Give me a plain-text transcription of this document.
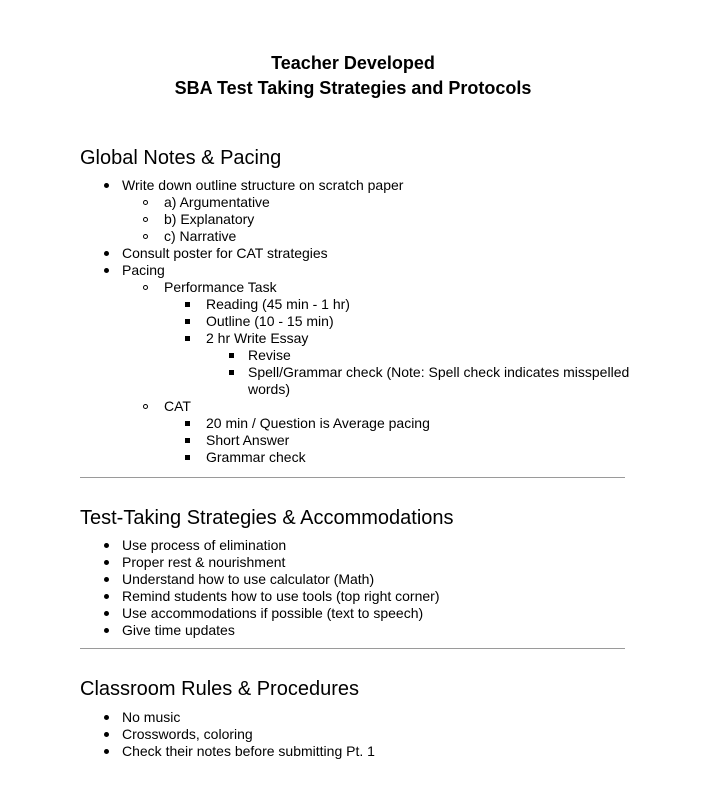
Teacher Developed
SBA Test Taking Strategies and Protocols
Global Notes & Pacing
Write down outline structure on scratch paper
a) Argumentative
b) Explanatory
c) Narrative
Consult poster for CAT strategies
Pacing
Performance Task
Reading (45 min - 1 hr)
Outline (10 - 15 min)
2 hr Write Essay
Revise
Spell/Grammar check (Note: Spell check indicates misspelled
words)
CAT
20 min / Question is Average pacing
Short Answer
Grammar check
Test-Taking Strategies & Accommodations
Use process of elimination
Proper rest & nourishment
Understand how to use calculator (Math)
Remind students how to use tools (top right corner)
Use accommodations if possible (text to speech)
Give time updates
Classroom Rules & Procedures
No music
Crosswords, coloring
Check their notes before submitting Pt. 1
